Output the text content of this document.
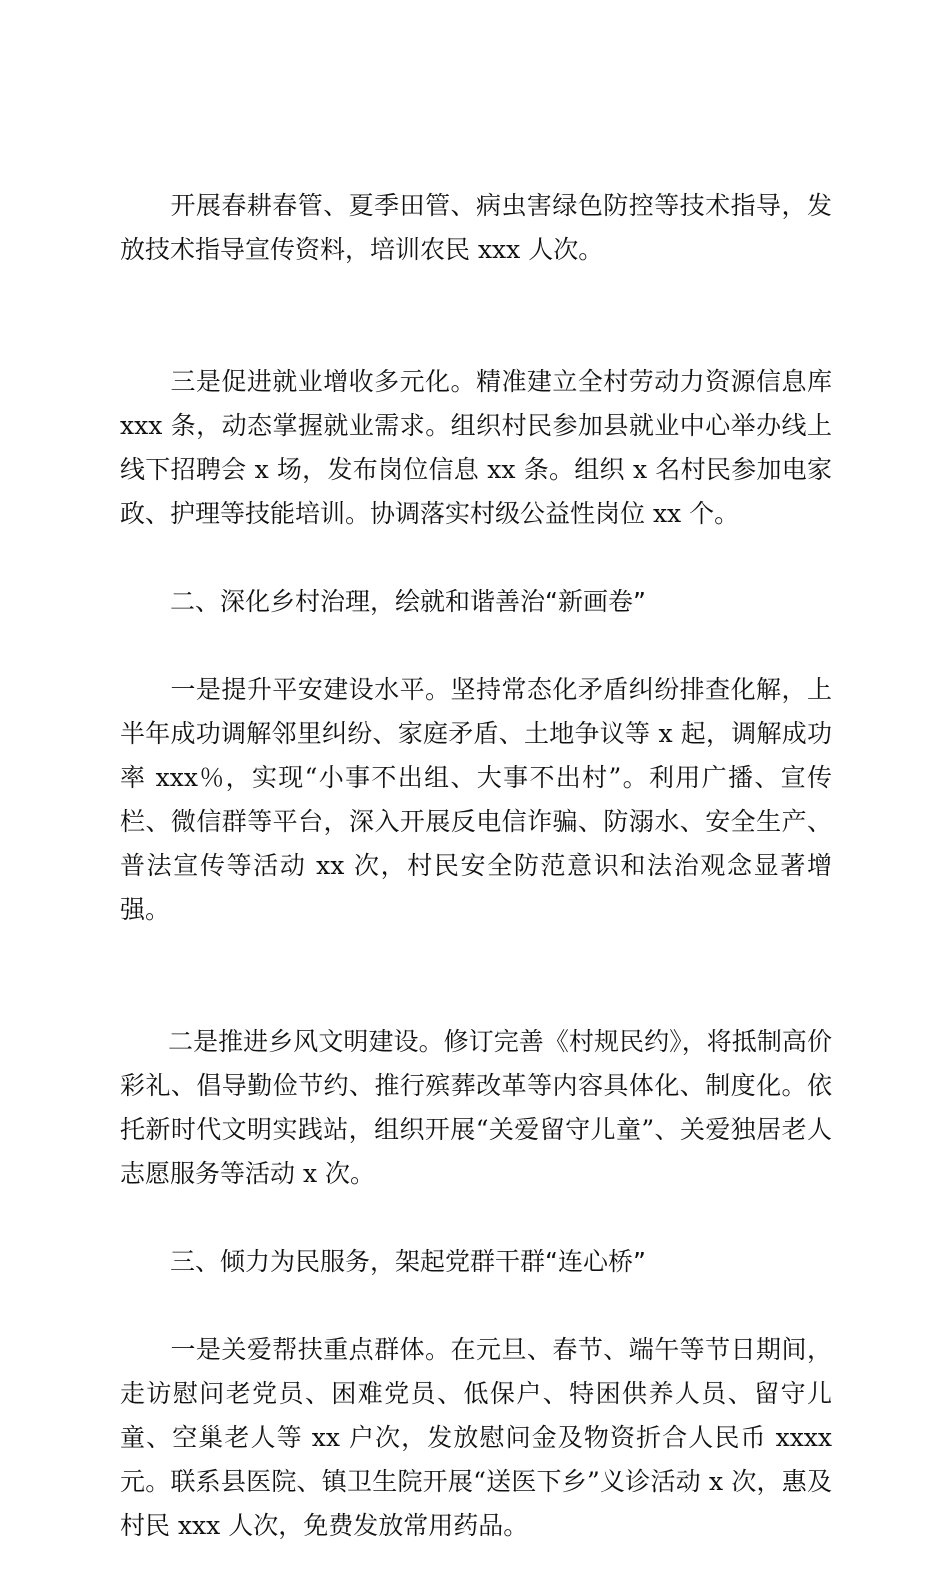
开展春耕春管、夏季田管、病虫害绿色防控等技术指导，发放技术指导宣传资料，培训农民 xxx 人次。

三是促进就业增收多元化。精准建立全村劳动力资源信息库 xxx 条，动态掌握就业需求。组织村民参加县就业中心举办线上线下招聘会 x 场，发布岗位信息 xx 条。组织 x 名村民参加电家政、护理等技能培训。协调落实村级公益性岗位 xx 个。

二、深化乡村治理，绘就和谐善治“新画卷”

一是提升平安建设水平。坚持常态化矛盾纠纷排查化解，上半年成功调解邻里纠纷、家庭矛盾、土地争议等 x 起，调解成功率 xxx％，实现“小事不出组、大事不出村”。利用广播、宣传栏、微信群等平台，深入开展反电信诈骗、防溺水、安全生产、普法宣传等活动 xx 次，村民安全防范意识和法治观念显著增强。

二是推进乡风文明建设。修订完善《村规民约》，将抵制高价彩礼、倡导勤俭节约、推行殡葬改革等内容具体化、制度化。依托新时代文明实践站，组织开展“关爱留守儿童”、关爱独居老人志愿服务等活动 x 次。

三、倾力为民服务，架起党群干群“连心桥”

一是关爱帮扶重点群体。在元旦、春节、端午等节日期间，走访慰问老党员、困难党员、低保户、特困供养人员、留守儿童、空巢老人等 xx 户次，发放慰问金及物资折合人民币 xxxx 元。联系县医院、镇卫生院开展“送医下乡”义诊活动 x 次，惠及村民 xxx 人次，免费发放常用药品。
